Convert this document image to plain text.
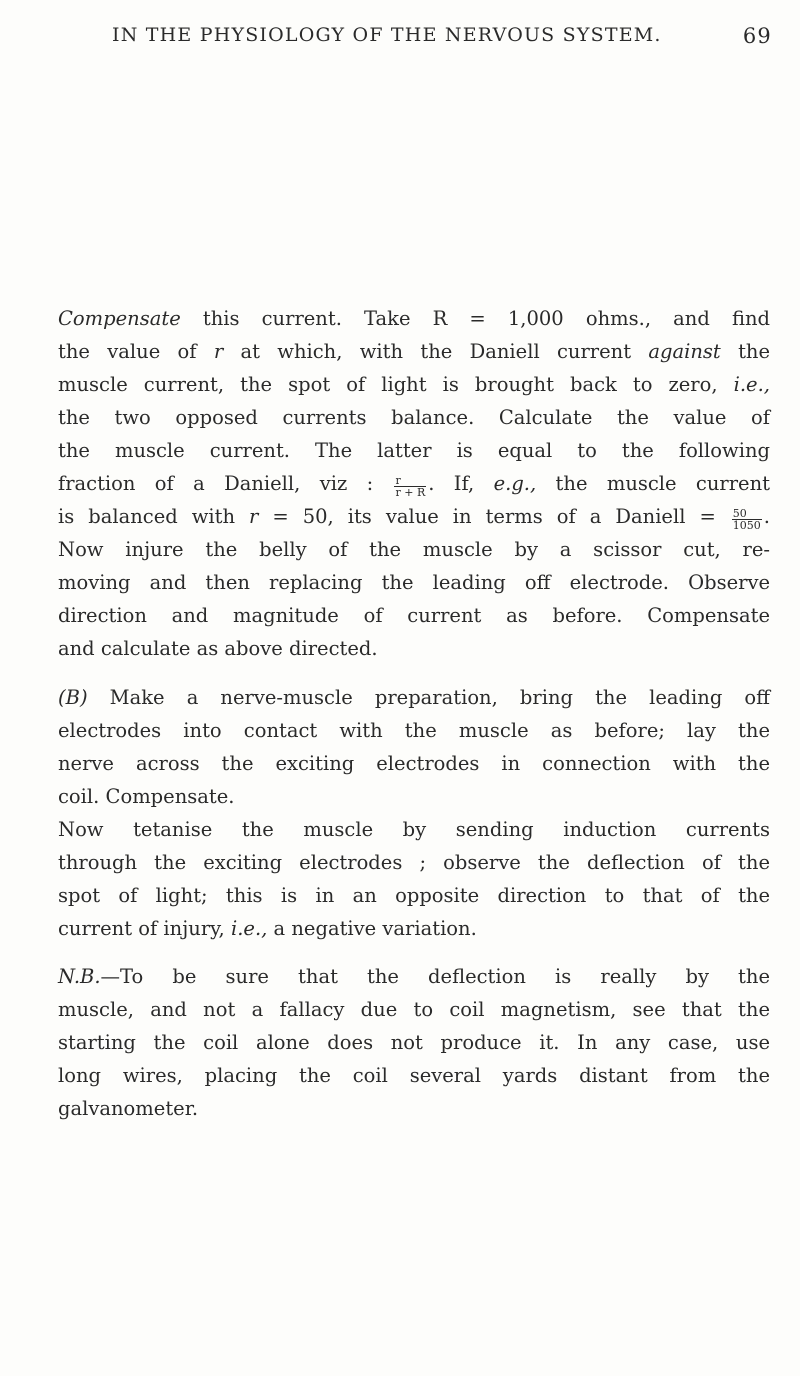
IN THE PHYSIOLOGY OF THE NERVOUS SYSTEM.	69
Compensate this current. Take R = 1,000 ohms., and find
the value of r at which, with the Daniell current against the
muscle current, the spot of light is brought back to zero, i.e.,
the two opposed currents balance. Calculate the value of
the muscle current. The latter is equal to the following
fraction of a Daniell, viz : $\frac{r}{r + R}$ . If, e.g., the muscle current
is balanced with r = 50, its value in terms of a Daniell = $\frac{50}{1050}$ .
Now injure the belly of the muscle by a scissor cut, re-
moving and then replacing the leading off electrode. Observe
direction and magnitude of current as before. Compensate
and calculate as above directed.
(B) Make a nerve-muscle preparation, bring the leading off
electrodes into contact with the muscle as before; lay the
nerve across the exciting electrodes in connection with the
coil. Compensate.
Now tetanise the muscle by sending induction currents
through the exciting electrodes ; observe the deflection of the
spot of light; this is in an opposite direction to that of the
current of injury, i.e., a negative variation.
N.B.—To be sure that the deflection is really by the
muscle, and not a fallacy due to coil magnetism, see that the
starting the coil alone does not produce it. In any case, use
long wires, placing the coil several yards distant from the
galvanometer.
